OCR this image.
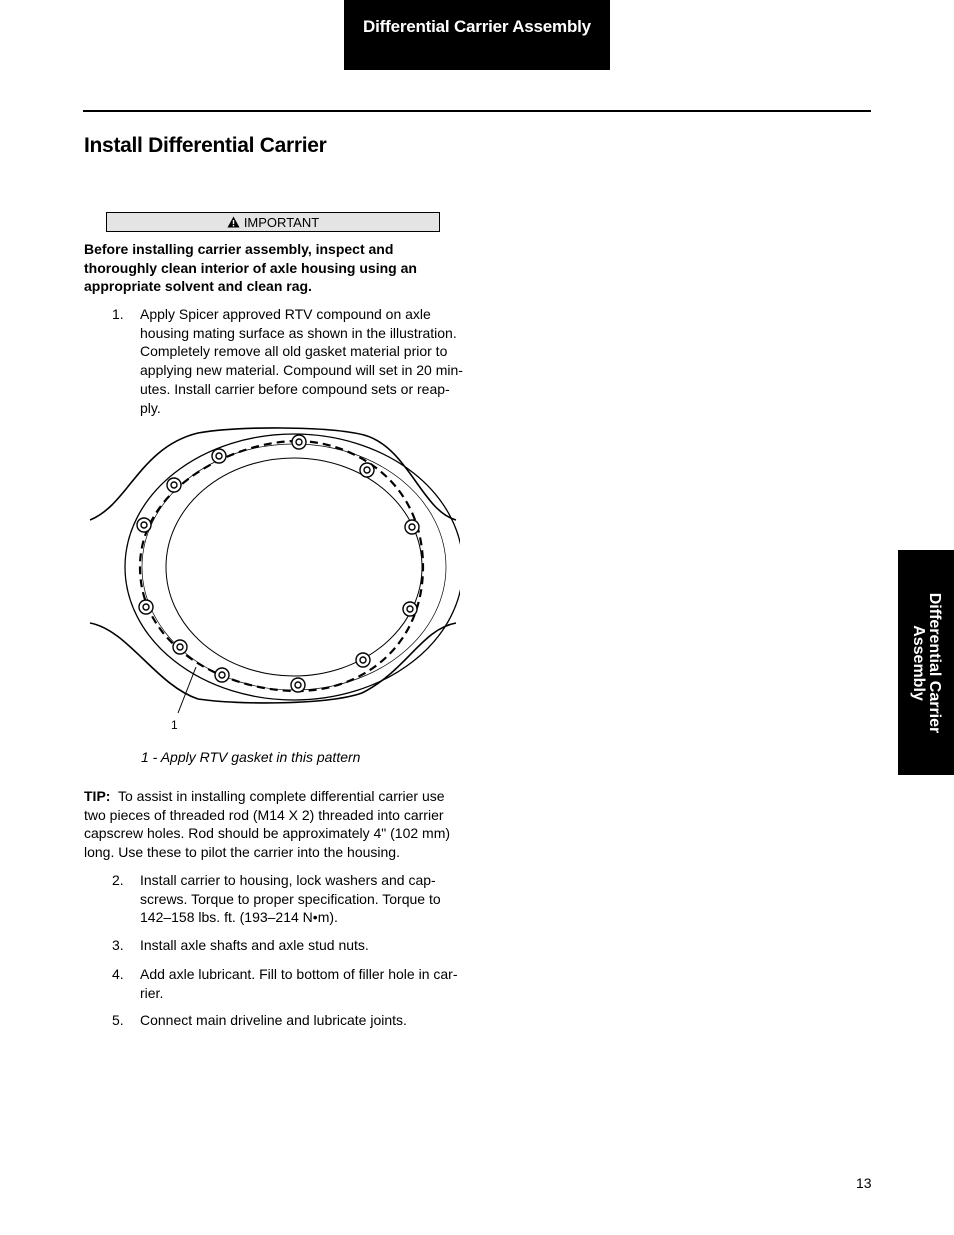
Differential Carrier Assembly
Install Differential Carrier
IMPORTANT

Before installing carrier assembly, inspect and thoroughly clean interior of axle housing using an appropriate solvent and clean rag.

1. Apply Spicer approved RTV compound on axle housing mating surface as shown in the illustration. Completely remove all old gasket material prior to applying new material. Compound will set in 20 min- utes. Install carrier before compound sets or reap- ply.
1

1 - Apply RTV gasket in this pattern

TIP: To assist in installing complete differential carrier use two pieces of threaded rod (M14 X 2) threaded into carrier capscrew holes. Rod should be approximately 4" (102 mm) long. Use these to pilot the carrier into the housing.

2. Install carrier to housing, lock washers and cap- screws. Torque to proper specification. Torque to 142–158 lbs. ft. (193–214 N•m).
3. Install axle shafts and axle stud nuts.
4. Add axle lubricant. Fill to bottom of filler hole in car- rier.
5. Connect main driveline and lubricate joints.
Differential Carrier
Assembly
13
